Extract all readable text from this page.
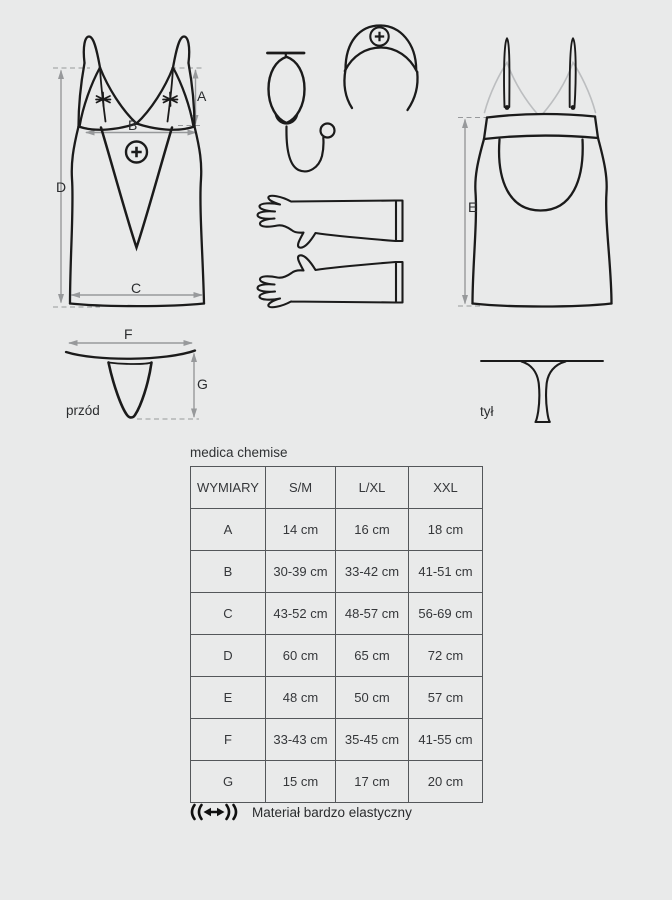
A
B
C
D
E
F
G
przód	tył
medica chemise
WYMIARY	S/M	L/XL	XXL
A	14 cm	16 cm	18 cm
B	30-39 cm	33-42 cm	41-51 cm
C	43-52 cm	48-57 cm	56-69 cm
D	60 cm	65 cm	72 cm
E	48 cm	50 cm	57 cm
F	33-43 cm	35-45 cm	41-55 cm
G	15 cm	17 cm	20 cm
Materiał bardzo elastyczny
